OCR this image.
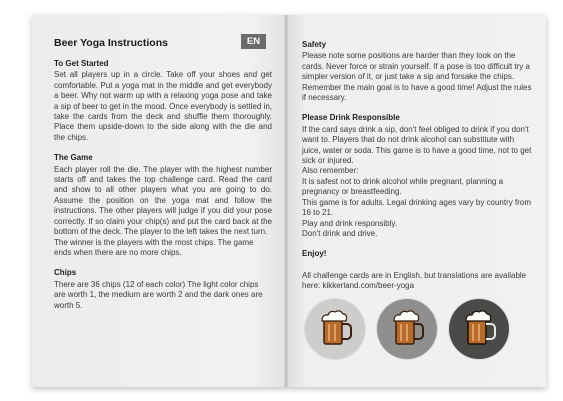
Beer Yoga Instructions	EN
To Get Started

Set all players up in a circle. Take off your shoes and get comfortable. Put a yoga mat in the middle and get everybody a beer. Why not warm up with a relaxing yoga pose and take a sip of beer to get in the mood. Once everybody is settled in, take the cards from the deck and shuffle them thoroughly. Place them upside-down to the side along with the die and the chips.

The Game

Each player roll the die. The player with the highest number starts off and takes the top challenge card. Read the card and show to all other players what you are going to do. Assume the position on the yoga mat and follow the instructions. The other players will judge if you did your pose correctly. If so claim your chip(s) and put the card back at the bottom of the deck. The player to the left takes the next turn.

The winner is the players with the most chips. The game ends when there are no more chips.

Chips

There are 36 chips (12 of each color) The light color chips are worth 1, the medium are worth 2 and the dark ones are worth 5.

Safety

Please note some positions are harder than they look on the cards. Never force or strain yourself. If a pose is too difficult try a simpler version of it, or just take a sip and forsake the chips. Remember the main goal is to have a good time! Adjust the rules if necessary.

Please Drink Responsible

If the card says drink a sip, don't feel obliged to drink if you don't want to. Players that do not drink alcohol can substitute with juice, water or soda. This game is to have a good time, not to get sick or injured.

Also remember:

It is safest not to drink alcohol while pregnant, planning a pregnancy or breastfeeding.

This game is for adults. Legal drinking ages vary by country from 16 to 21.

Play and drink responsibly.

Don't drink and drive.

Enjoy!

All challenge cards are in English, but translations are available here: kikkerland.com/beer-yoga
